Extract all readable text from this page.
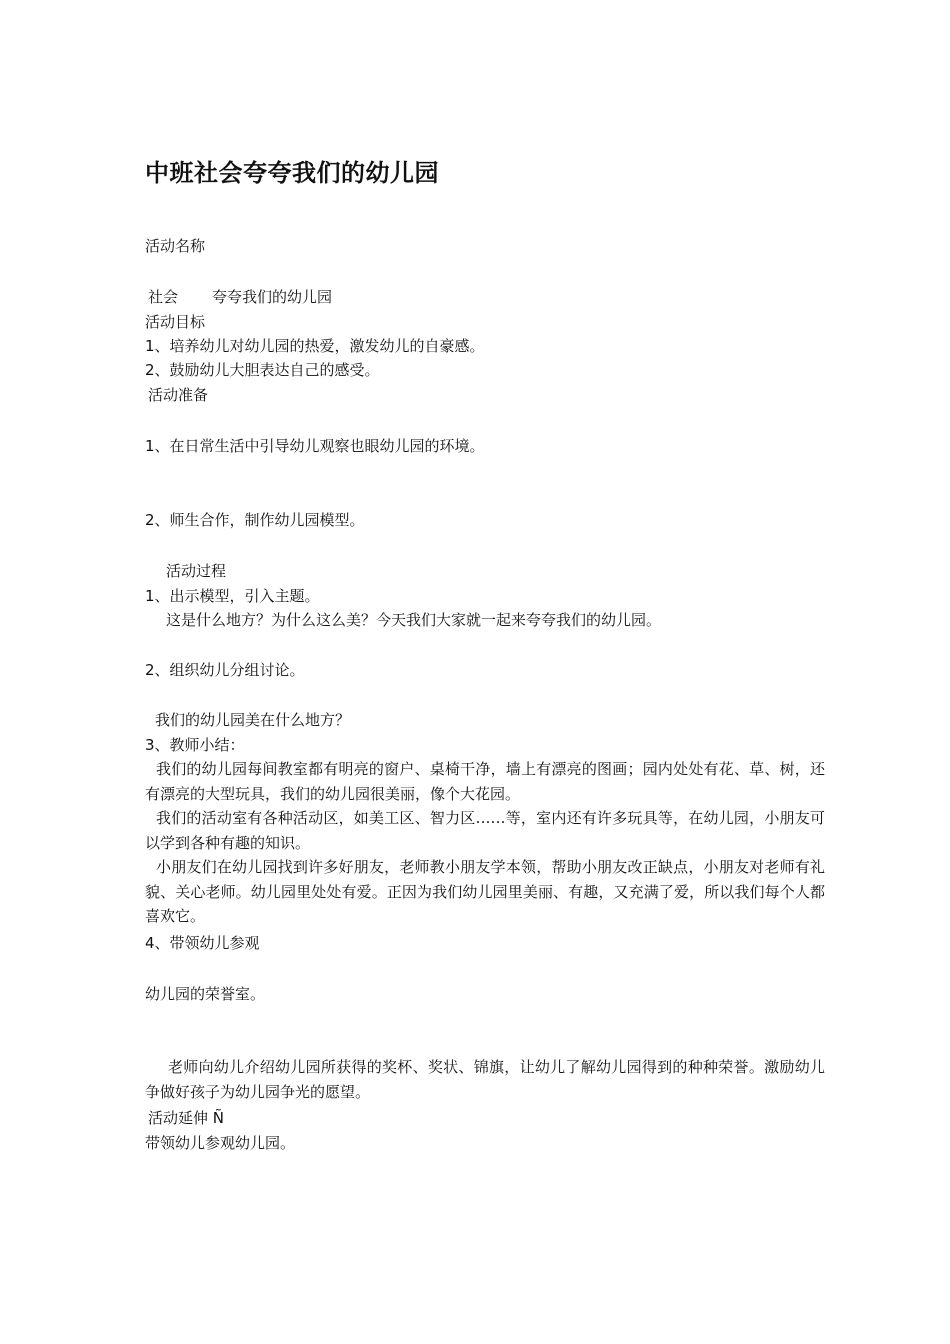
中班社会夸夸我们的幼儿园
活动名称
社会 夸夸我们的幼儿园
活动目标
1、培养幼儿对幼儿园的热爱，激发幼儿的自豪感。
2、鼓励幼儿大胆表达自己的感受。
活动准备
1、在日常生活中引导幼儿观察也眼幼儿园的环境。
2、师生合作，制作幼儿园模型。
活动过程
1、出示模型，引入主题。
这是什么地方？为什么这么美？今天我们大家就一起来夸夸我们的幼儿园。
2、组织幼儿分组讨论。
我们的幼儿园美在什么地方？
3、教师小结：
我们的幼儿园每间教室都有明亮的窗户、桌椅干净，墙上有漂亮的图画；园内处处有花、草、树，还有漂亮的大型玩具，我们的幼儿园很美丽，像个大花园。
我们的活动室有各种活动区，如美工区、智力区……等，室内还有许多玩具等，在幼儿园，小朋友可以学到各种有趣的知识。
小朋友们在幼儿园找到许多好朋友，老师教小朋友学本领，帮助小朋友改正缺点，小朋友对老师有礼貌、关心老师。幼儿园里处处有爱。正因为我们幼儿园里美丽、有趣，又充满了爱，所以我们每个人都喜欢它。
4、带领幼儿参观
幼儿园的荣誉室。
老师向幼儿介绍幼儿园所获得的奖杯、奖状、锦旗，让幼儿了解幼儿园得到的种种荣誉。激励幼儿争做好孩子为幼儿园争光的愿望。
活动延伸 Ñ
带领幼儿参观幼儿园。
